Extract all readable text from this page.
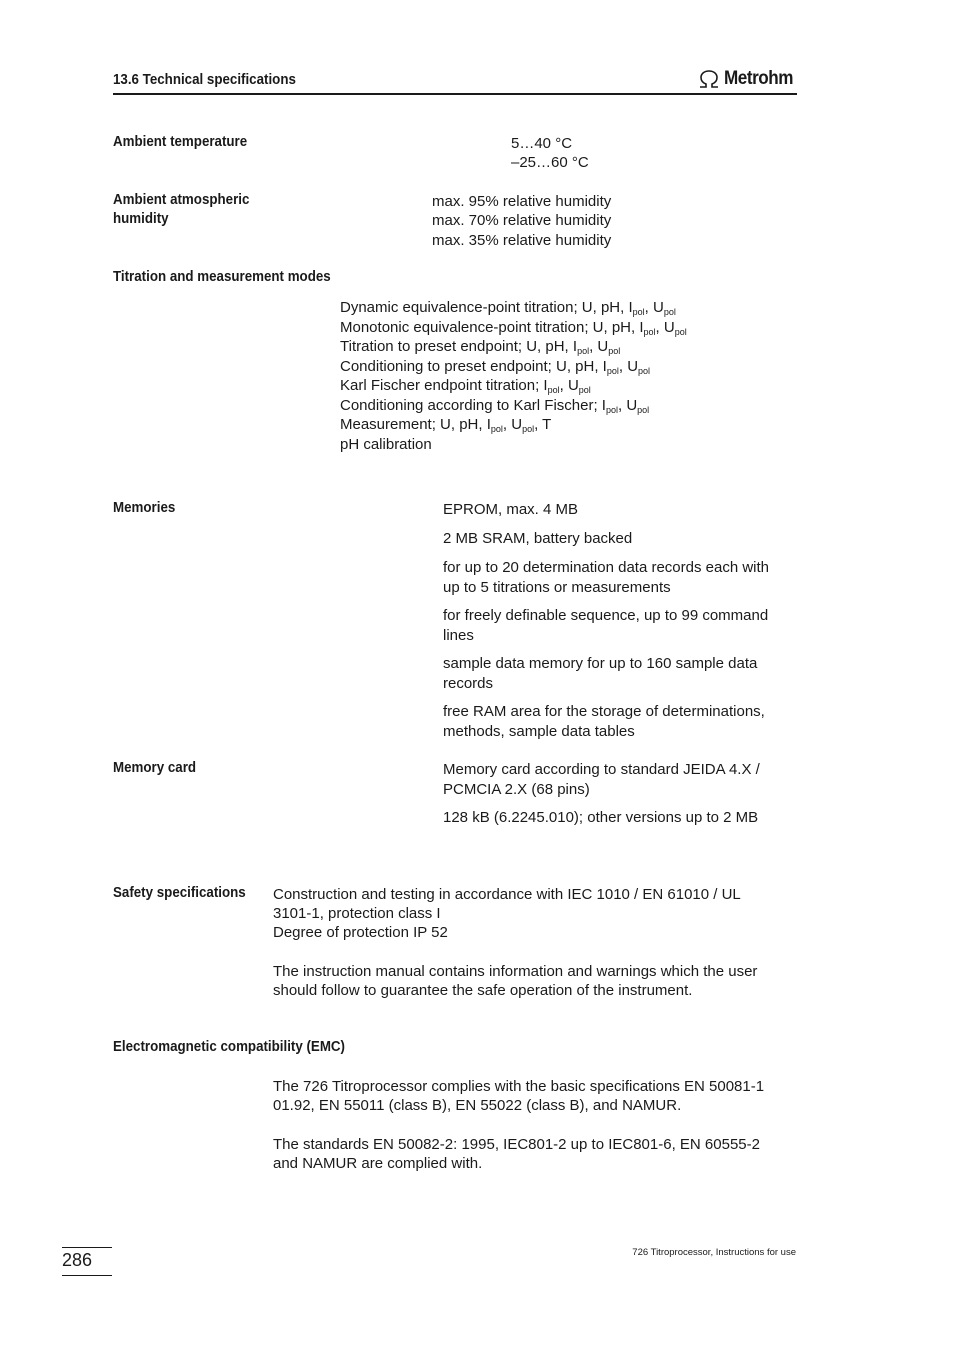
13.6 Technical specifications	Metrohm
Ambient temperature	5…40 °C
–25…60 °C
Ambient atmospheric
humidity
max. 95% relative humidity
max. 70% relative humidity
max. 35% relative humidity
Titration and measurement modes
Dynamic equivalence-point titration; U, pH, $I_{pol}$, $U_{pol}$
Monotonic equivalence-point titration; U, pH, $I_{pol}$, $U_{pol}$
Titration to preset endpoint; U, pH, $I_{pol}$, $U_{pol}$
Conditioning to preset endpoint; U, pH, $I_{pol}$, $U_{pol}$
Karl Fischer endpoint titration; $I_{pol}$, $U_{pol}$
Conditioning according to Karl Fischer; $I_{pol}$, $U_{pol}$
Measurement; U, pH, $I_{pol}$, $U_{pol}$, T
pH calibration
Memories	EPROM, max. 4 MB
2 MB SRAM, battery backed
for up to 20 determination data records each with up to 5 titrations or measurements
for freely definable sequence, up to 99 command lines
sample data memory for up to 160 sample data records
free RAM area for the storage of determinations, methods, sample data tables
Memory card	Memory card according to standard JEIDA 4.X / PCMCIA 2.X (68 pins)
128 kB (6.2245.010); other versions up to 2 MB
Safety specifications Construction and testing in accordance with IEC 1010 / EN 61010 / UL
3101-1, protection class I
Degree of protection IP 52
The instruction manual contains information and warnings which the user
should follow to guarantee the safe operation of the instrument.
Electromagnetic compatibility (EMC)
The 726 Titroprocessor complies with the basic specifications EN 50081-1
01.92, EN 55011 (class B), EN 55022 (class B), and NAMUR.
The standards EN 50082-2: 1995, IEC801-2 up to IEC801-6, EN 60555-2
and NAMUR are complied with.
286	726 Titroprocessor, Instructions for use
